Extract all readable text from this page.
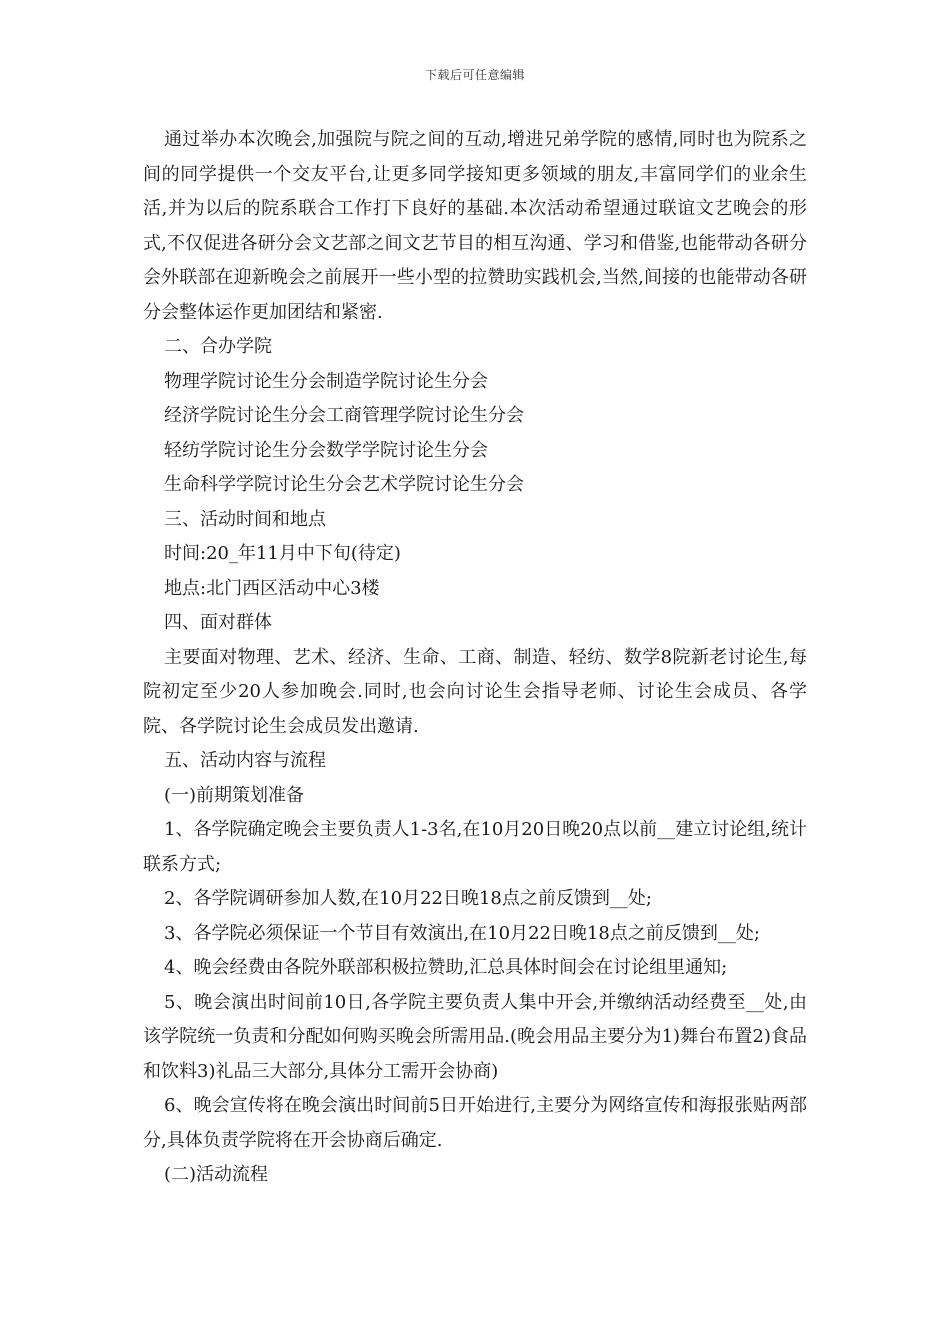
下载后可任意编辑

通过举办本次晚会,加强院与院之间的互动,增进兄弟学院的感情,同时也为院系之间的同学提供一个交友平台,让更多同学接知更多领域的朋友,丰富同学们的业余生活,并为以后的院系联合工作打下良好的基础.本次活动希望通过联谊文艺晚会的形式,不仅促进各研分会文艺部之间文艺节目的相互沟通、学习和借鉴,也能带动各研分会外联部在迎新晚会之前展开一些小型的拉赞助实践机会,当然,间接的也能带动各研分会整体运作更加团结和紧密.

二、合办学院

物理学院讨论生分会制造学院讨论生分会

经济学院讨论生分会工商管理学院讨论生分会

轻纺学院讨论生分会数学学院讨论生分会

生命科学学院讨论生分会艺术学院讨论生分会

三、活动时间和地点

时间:20_年11月中下旬(待定)

地点:北门西区活动中心3楼

四、面对群体

主要面对物理、艺术、经济、生命、工商、制造、轻纺、数学8院新老讨论生,每院初定至少20人参加晚会.同时,也会向讨论生会指导老师、讨论生会成员、各学院、各学院讨论生会成员发出邀请.

五、活动内容与流程

(一)前期策划准备

1、各学院确定晚会主要负责人1-3名,在10月20日晚20点以前__建立讨论组,统计联系方式;

2、各学院调研参加人数,在10月22日晚18点之前反馈到__处;

3、各学院必须保证一个节目有效演出,在10月22日晚18点之前反馈到__处;

4、晚会经费由各院外联部积极拉赞助,汇总具体时间会在讨论组里通知;

5、晚会演出时间前10日,各学院主要负责人集中开会,并缴纳活动经费至__处,由该学院统一负责和分配如何购买晚会所需用品.(晚会用品主要分为1)舞台布置2)食品和饮料3)礼品三大部分,具体分工需开会协商)

6、晚会宣传将在晚会演出时间前5日开始进行,主要分为网络宣传和海报张贴两部分,具体负责学院将在开会协商后确定.

(二)活动流程
